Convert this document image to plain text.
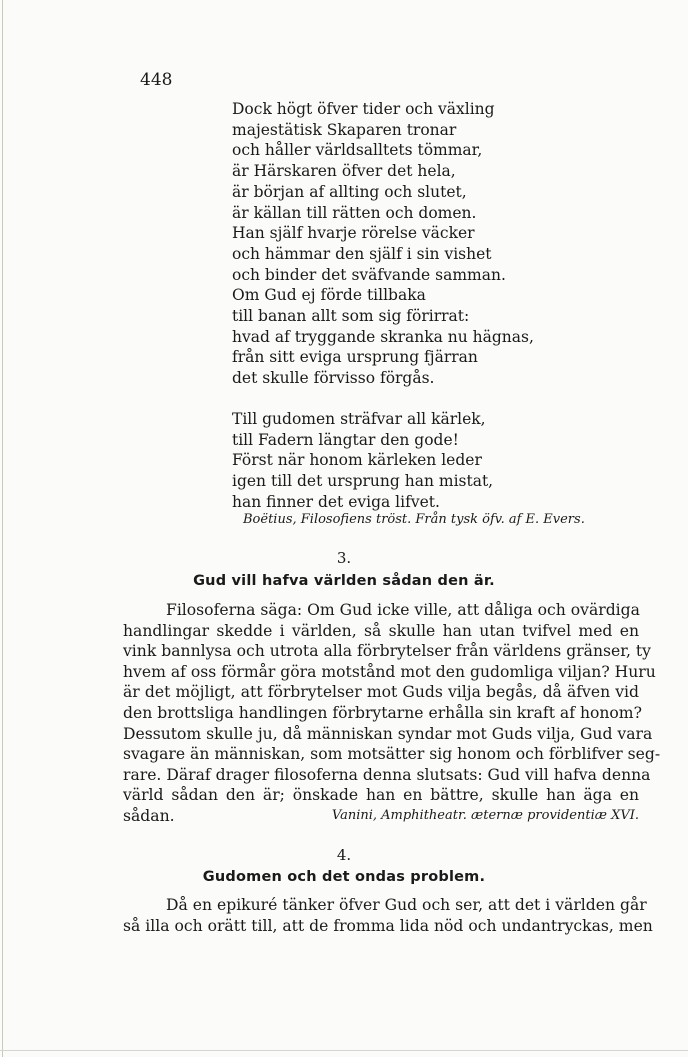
448
Dock högt öfver tider och växling
majestätisk Skaparen tronar
och håller världsalltets tömmar,
är Härskaren öfver det hela,
är början af allting och slutet,
är källan till rätten och domen.
Han själf hvarje rörelse väcker
och hämmar den själf i sin vishet
och binder det sväfvande samman.
Om Gud ej förde tillbaka
till banan allt som sig förirrat:
hvad af tryggande skranka nu hägnas,
från sitt eviga ursprung fjärran
det skulle förvisso förgås.
Till gudomen sträfvar all kärlek,
till Fadern längtar den gode!
Först när honom kärleken leder
igen till det ursprung han mistat,
han finner det eviga lifvet.
Boëtius, Filosofiens tröst. Från tysk öfv. af E. Evers.
3.
Gud vill hafva världen sådan den är.
Filosoferna säga: Om Gud icke ville, att dåliga och ovärdiga
handlingar skedde i världen, så skulle han utan tvifvel med en
vink bannlysa och utrota alla förbrytelser från världens gränser, ty
hvem af oss förmår göra motstånd mot den gudomliga viljan? Huru
är det möjligt, att förbrytelser mot Guds vilja begås, då äfven vid
den brottsliga handlingen förbrytarne erhålla sin kraft af honom?
Dessutom skulle ju, då människan syndar mot Guds vilja, Gud vara
svagare än människan, som motsätter sig honom och förblifver seg-
rare. Däraf drager filosoferna denna slutsats: Gud vill hafva denna
värld sådan den är; önskade han en bättre, skulle han äga en
sådan.	Vanini, Amphitheatr. æternæ providentiæ XVI.
4.
Gudomen och det ondas problem.
Då en epikuré tänker öfver Gud och ser, att det i världen går
så illa och orätt till, att de fromma lida nöd och undantryckas, men
